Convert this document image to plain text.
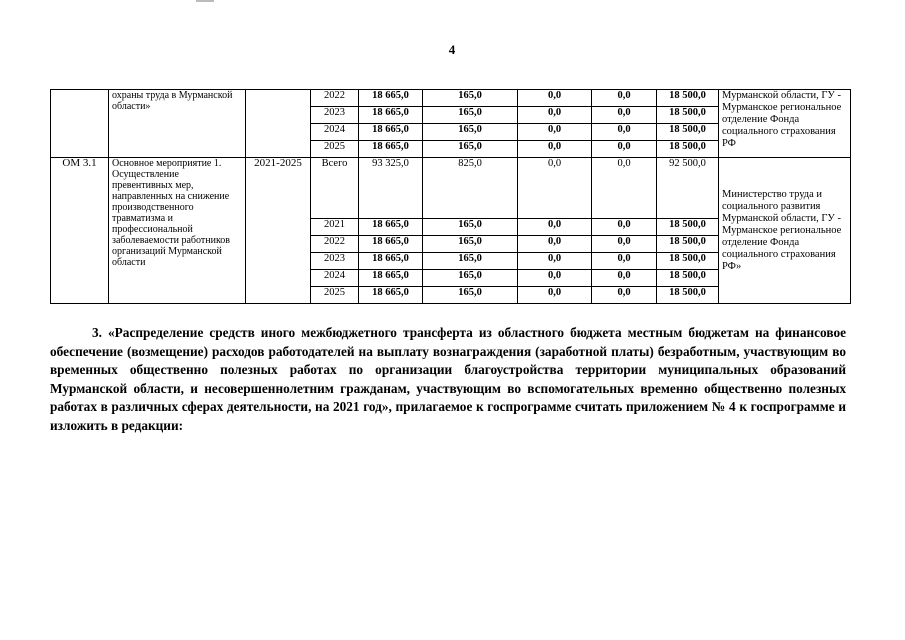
4
	охраны труда в Мурманской области»		2022	18 665,0	165,0	0,0	0,0	18 500,0	Мурманской области, ГУ - Мурманское региональное отделение Фонда социального страхования РФ
			2023	18 665,0	165,0	0,0	0,0	18 500,0	
			2024	18 665,0	165,0	0,0	0,0	18 500,0	
			2025	18 665,0	165,0	0,0	0,0	18 500,0	
ОМ 3.1	Основное мероприятие 1. Осуществление превентивных мер, направленных на снижение производственного травматизма и профессиональной заболеваемости работников организаций Мурманской области	2021-2025	Всего	93 325,0	825,0	0,0	0,0	92 500,0	Министерство труда и социального развития Мурманской области, ГУ - Мурманское региональное отделение Фонда социального страхования РФ»
			2021	18 665,0	165,0	0,0	0,0	18 500,0	
			2022	18 665,0	165,0	0,0	0,0	18 500,0	
			2023	18 665,0	165,0	0,0	0,0	18 500,0	
			2024	18 665,0	165,0	0,0	0,0	18 500,0	
			2025	18 665,0	165,0	0,0	0,0	18 500,0	
3. «Распределение средств иного межбюджетного трансферта из областного бюджета местным бюджетам на финансовое обеспечение (возмещение) расходов работодателей на выплату вознаграждения (заработной платы) безработным, участвующим во временных общественно полезных работах по организации благоустройства территории муниципальных образований Мурманской области, и несовершеннолетним гражданам, участвующим во вспомогательных временно общественно полезных работах в различных сферах деятельности, на 2021 год», прилагаемое к госпрограмме считать приложением № 4 к госпрограмме и изложить в редакции:
